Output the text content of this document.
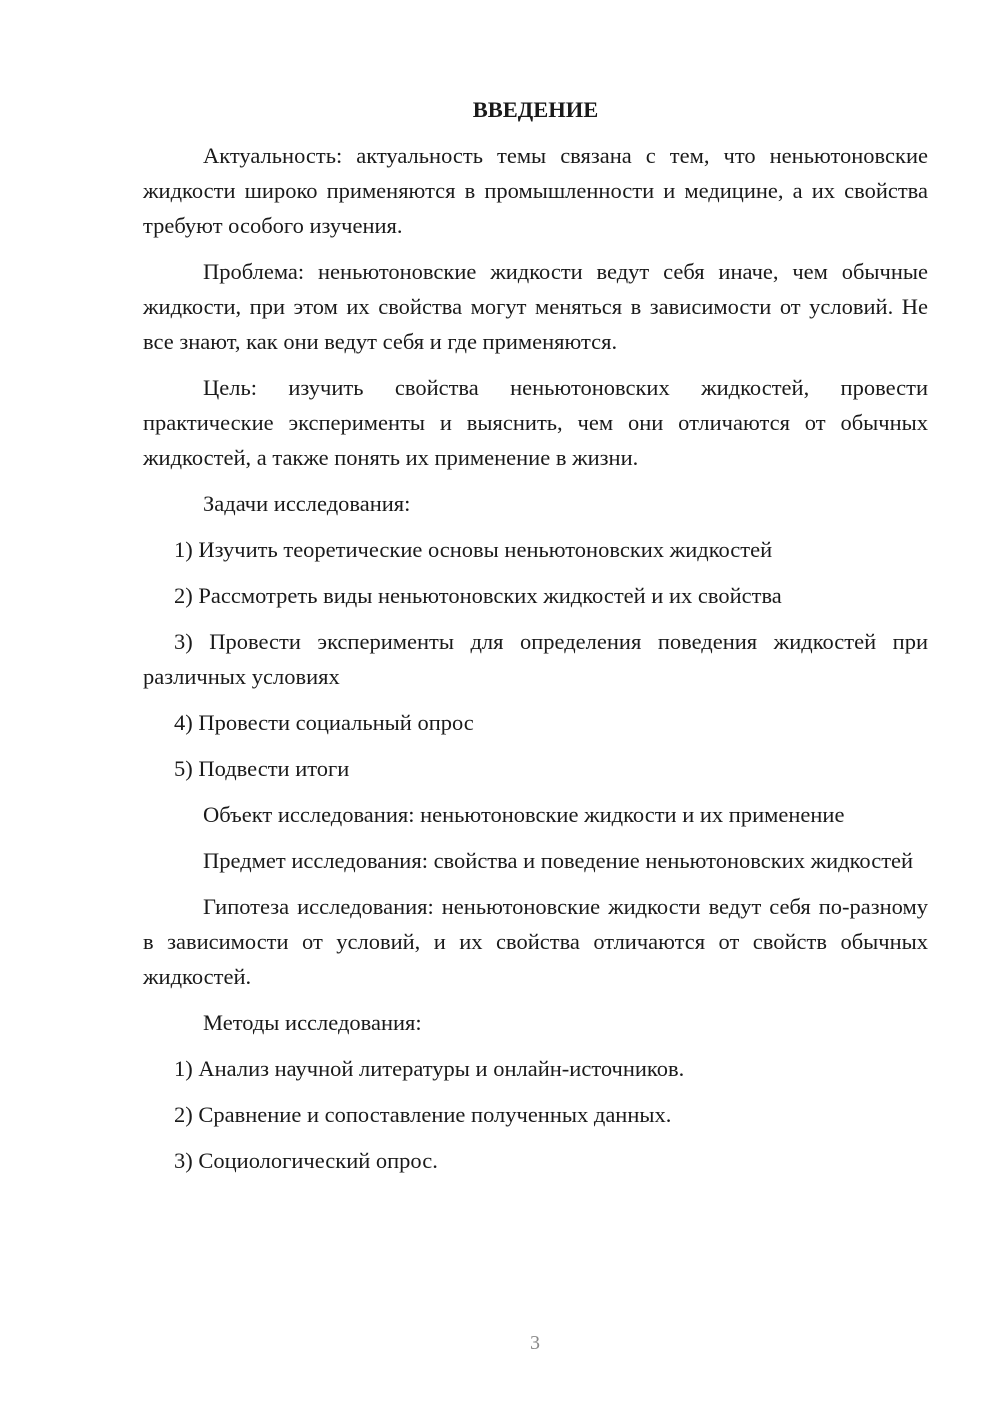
ВВЕДЕНИЕ

Актуальность: актуальность темы связана с тем, что неньютоновские жидкости широко применяются в промышленности и медицине, а их свойства требуют особого изучения.

Проблема: неньютоновские жидкости ведут себя иначе, чем обычные жидкости, при этом их свойства могут меняться в зависимости от условий. Не все знают, как они ведут себя и где применяются.

Цель: изучить свойства неньютоновских жидкостей, провести практические эксперименты и выяснить, чем они отличаются от обычных жидкостей, а также понять их применение в жизни.

Задачи исследования:

1) Изучить теоретические основы неньютоновских жидкостей

2) Рассмотреть виды неньютоновских жидкостей и их свойства

3) Провести эксперименты для определения поведения жидкостей при различных условиях

4) Провести социальный опрос

5) Подвести итоги

Объект исследования: неньютоновские жидкости и их применение

Предмет исследования: свойства и поведение неньютоновских жидкостей

Гипотеза исследования: неньютоновские жидкости ведут себя по-разному в зависимости от условий, и их свойства отличаются от свойств обычных жидкостей.

Методы исследования:

1) Анализ научной литературы и онлайн-источников.

2) Сравнение и сопоставление полученных данных.

3) Социологический опрос.

3
